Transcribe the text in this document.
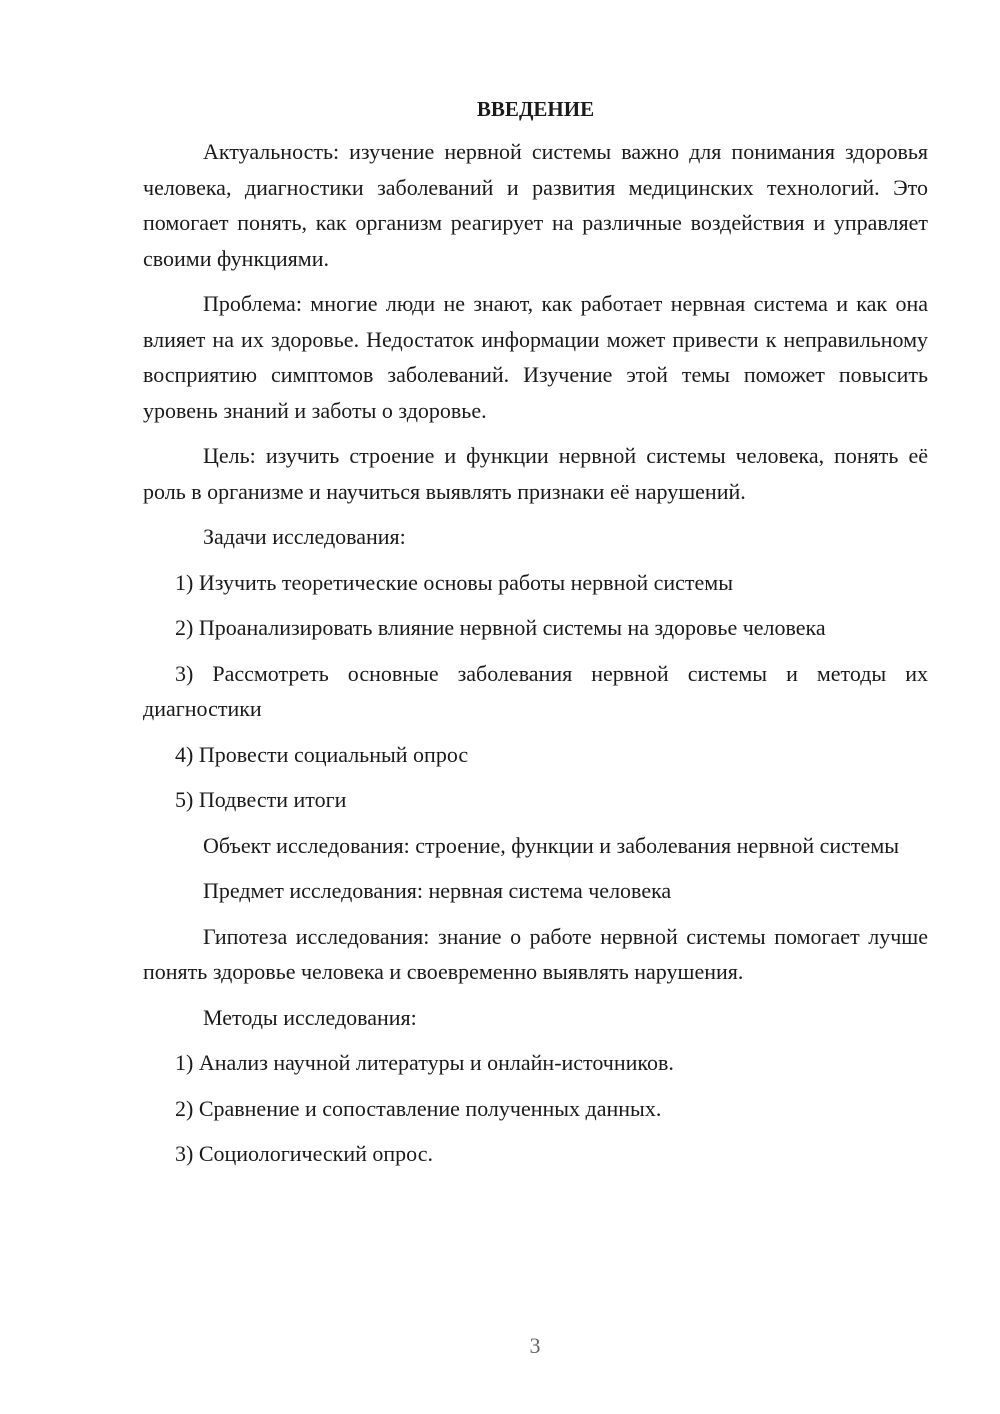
ВВЕДЕНИЕ

Актуальность: изучение нервной системы важно для понимания здоровья человека, диагностики заболеваний и развития медицинских технологий. Это помогает понять, как организм реагирует на различные воздействия и управляет своими функциями.

Проблема: многие люди не знают, как работает нервная система и как она влияет на их здоровье. Недостаток информации может привести к неправильному восприятию симптомов заболеваний. Изучение этой темы поможет повысить уровень знаний и заботы о здоровье.

Цель: изучить строение и функции нервной системы человека, понять её роль в организме и научиться выявлять признаки её нарушений.

Задачи исследования:

1) Изучить теоретические основы работы нервной системы

2) Проанализировать влияние нервной системы на здоровье человека

3) Рассмотреть основные заболевания нервной системы и методы их диагностики

4) Провести социальный опрос

5) Подвести итоги

Объект исследования: строение, функции и заболевания нервной системы

Предмет исследования: нервная система человека

Гипотеза исследования: знание о работе нервной системы помогает лучше понять здоровье человека и своевременно выявлять нарушения.

Методы исследования:

1) Анализ научной литературы и онлайн-источников.

2) Сравнение и сопоставление полученных данных.

3) Социологический опрос.

3
